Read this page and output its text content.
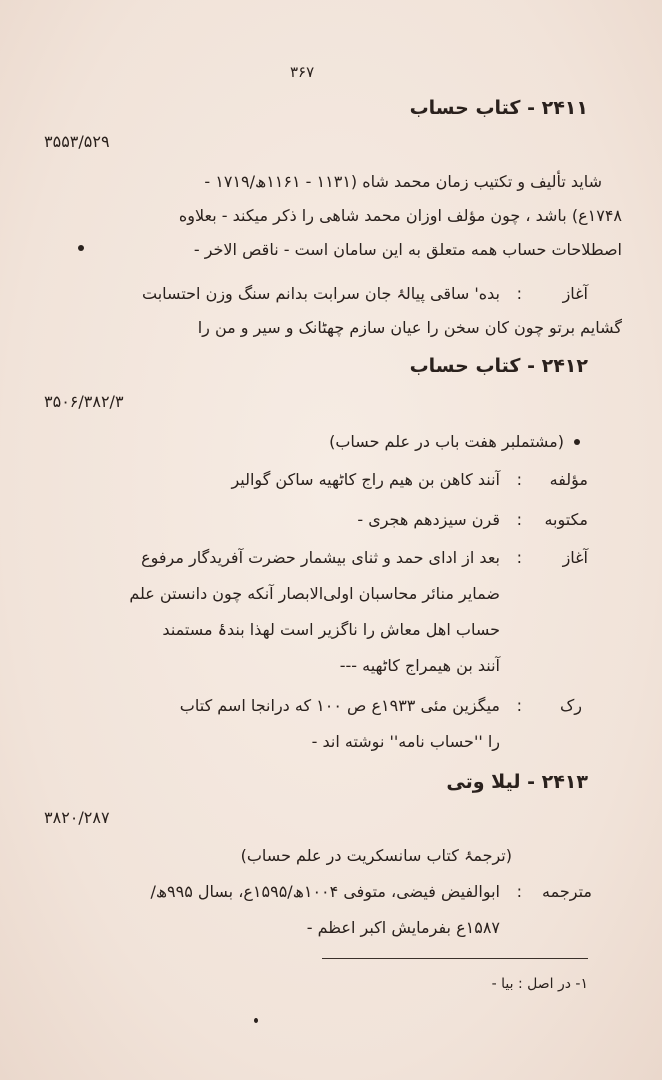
۳۶۷
۲۴۱۱ - کتاب حساب
۳۵۵۳/۵۲۹
شاید تألیف و تکتیب زمان محمد شاه (۱۱۳۱ - ۱۱۶۱ھ/۱۷۱۹ -
۱۷۴۸ع) باشد ، چون مؤلف اوزان محمد شاهی را ذکر میکند - بعلاوه
اصطلاحات حساب همه متعلق به این سامان است - ناقص الاخر -
آغاز
:
بده' ساقی پیالۂ جان سرابت بدانم سنگ وزن احتسابت
گشایم برتو چون کان سخن را عیان سازم چهٹانک و سیر و من را
۲۴۱۲ - کتاب حساب
۳۵۰۶/۳۸۲/۳
(مشتملبر هفت باب در علم حساب)
مؤلفه
:
آنند کاهن بن هیم راج کاٹھیه ساکن گوالیر
مکتوبه
:
قرن سیزدهم هجری -
آغاز
:
بعد از ادای حمد و ثنای بیشمار حضرت آفریدگار مرفوع
ضمایر منائر محاسبان اولی‌الابصار آنکه چون دانستن علم
حساب اهل معاش را ناگزیر است لهذا بندۂ مستمند
آنند بن هیمراج کاٹھیه ---
رک
:
میگزین مئی ۱۹۳۳ع ص ۱۰۰ که درانجا اسم کتاب
را ''حساب نامه'' نوشته اند -
۲۴۱۳ - لیلا وتی
۳۸۲۰/۲۸۷
(ترجمۂ کتاب سانسکریت در علم حساب)
مترجمه
:
ابوالفیض فیضی، متوفی ۱۰۰۴ھ/۱۵۹۵ع، بسال ۹۹۵ھ/
۱۵۸۷ع بفرمایش اکبر اعظم -
۱- در اصل : بیا -
